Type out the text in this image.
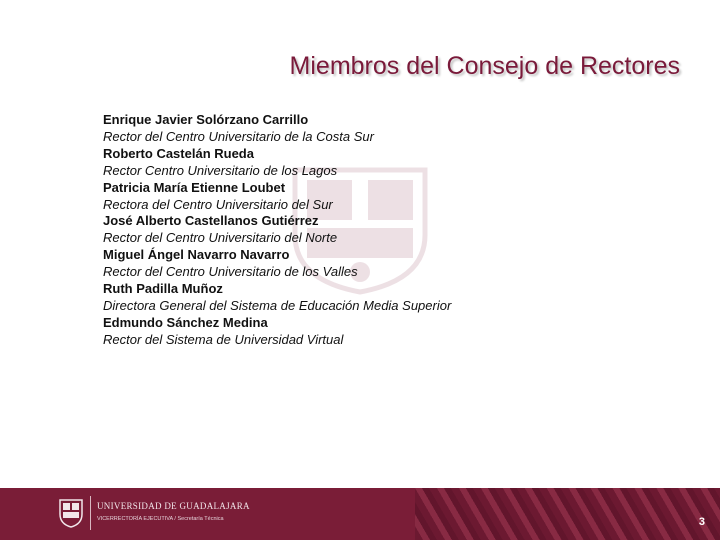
Miembros del Consejo de Rectores
Enrique Javier Solórzano Carrillo
Rector del Centro Universitario de la Costa Sur
Roberto Castelán Rueda
Rector Centro Universitario de los Lagos
Patricia María Etienne Loubet
Rectora del Centro Universitario del Sur
José Alberto Castellanos Gutiérrez
Rector del Centro Universitario del Norte
Miguel Ángel Navarro Navarro
Rector del Centro Universitario de los Valles
Ruth Padilla Muñoz
Directora General del Sistema de Educación Media Superior
Edmundo Sánchez Medina
Rector del Sistema de Universidad Virtual
UNIVERSIDAD DE GUADALAJARA
VICERRECTORÍA EJECUTIVA / Secretaría Técnica	3
